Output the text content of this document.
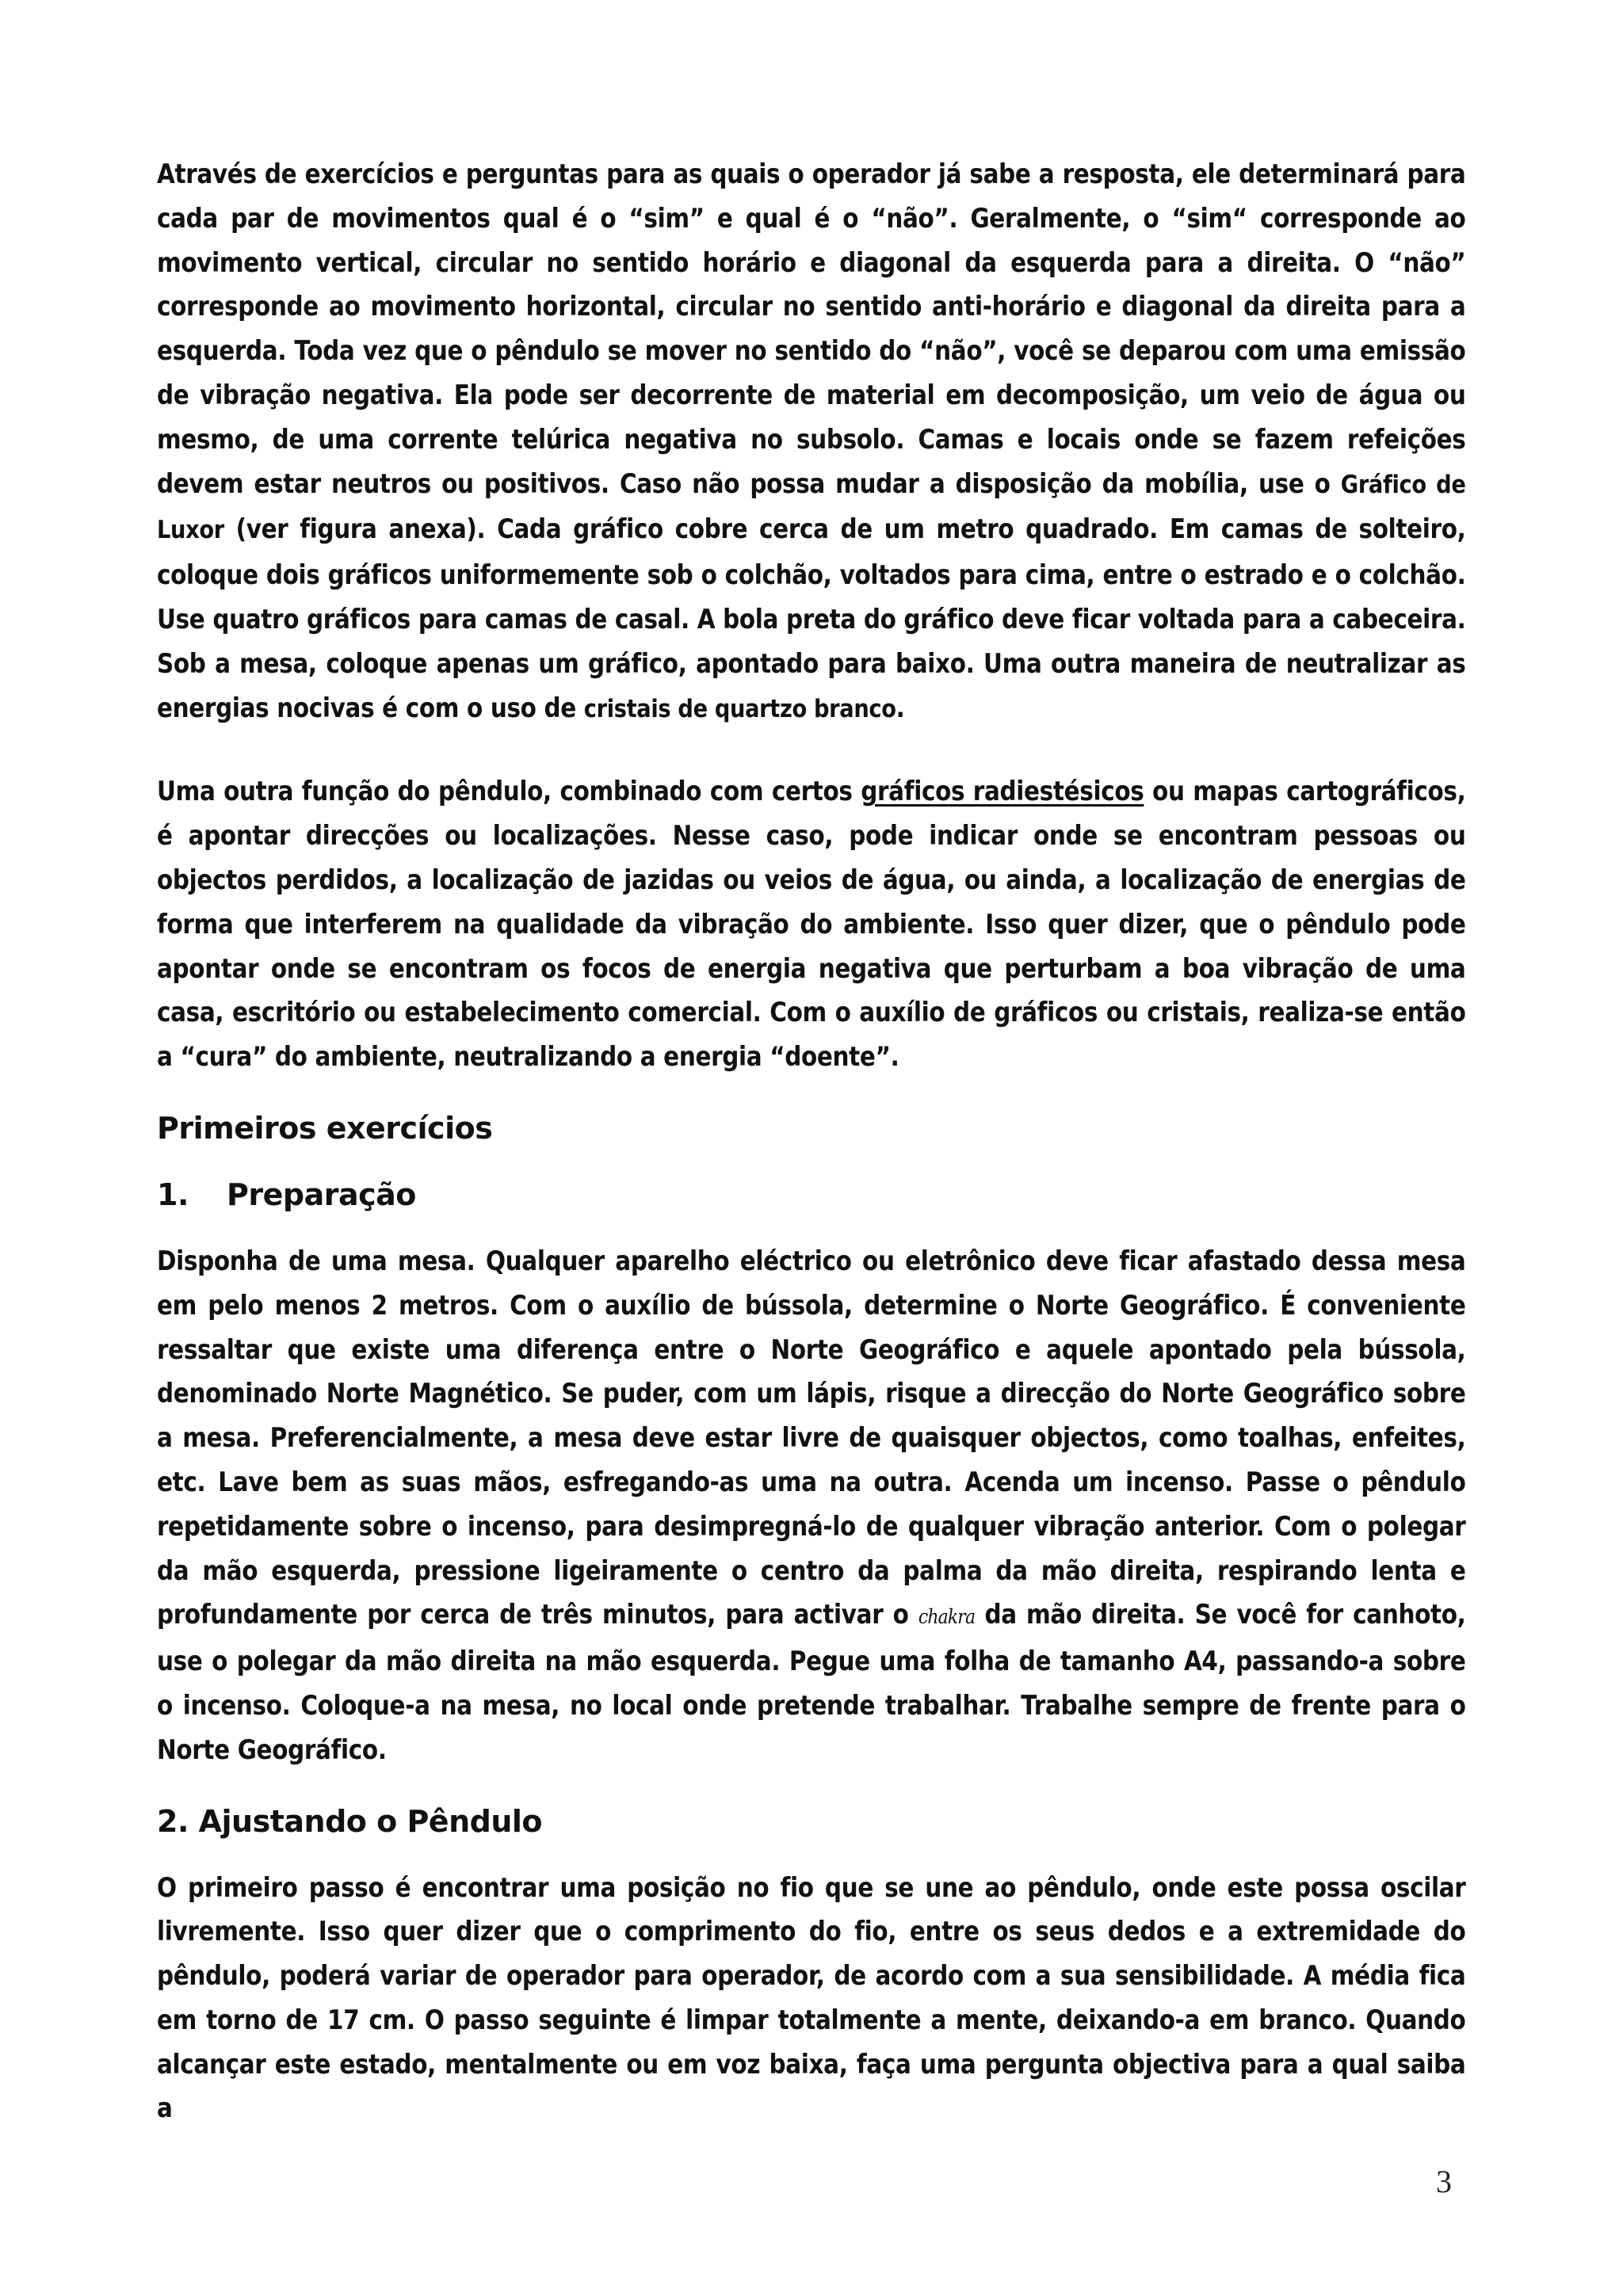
Através de exercícios e perguntas para as quais o operador já sabe a resposta, ele determinará para cada par de movimentos qual é o “sim” e qual é o “não”. Geralmente, o “sim“ corresponde ao movimento vertical, circular no sentido horário e diagonal da esquerda para a direita. O “não” corresponde ao movimento horizontal, circular no sentido anti-horário e diagonal da direita para a esquerda. Toda vez que o pêndulo se mover no sentido do “não”, você se deparou com uma emissão de vibração negativa. Ela pode ser decorrente de material em decomposição, um veio de água ou mesmo, de uma corrente telúrica negativa no subsolo. Camas e locais onde se fazem refeições devem estar neutros ou positivos. Caso não possa mudar a disposição da mobília, use o Gráfico de Luxor (ver figura anexa). Cada gráfico cobre cerca de um metro quadrado. Em camas de solteiro, coloque dois gráficos uniformemente sob o colchão, voltados para cima, entre o estrado e o colchão. Use quatro gráficos para camas de casal. A bola preta do gráfico deve ficar voltada para a cabeceira. Sob a mesa, coloque apenas um gráfico, apontado para baixo. Uma outra maneira de neutralizar as energias nocivas é com o uso de cristais de quartzo branco.

Uma outra função do pêndulo, combinado com certos gráficos radiestésicos ou mapas cartográficos, é apontar direcções ou localizações. Nesse caso, pode indicar onde se encontram pessoas ou objectos perdidos, a localização de jazidas ou veios de água, ou ainda, a localização de energias de forma que interferem na qualidade da vibração do ambiente. Isso quer dizer, que o pêndulo pode apontar onde se encontram os focos de energia negativa que perturbam a boa vibração de uma casa, escritório ou estabelecimento comercial. Com o auxílio de gráficos ou cristais, realiza-se então a “cura” do ambiente, neutralizando a energia “doente”.

Primeiros exercícios
1. Preparação

Disponha de uma mesa. Qualquer aparelho eléctrico ou eletrônico deve ficar afastado dessa mesa em pelo menos 2 metros. Com o auxílio de bússola, determine o Norte Geográfico. É conveniente ressaltar que existe uma diferença entre o Norte Geográfico e aquele apontado pela bússola, denominado Norte Magnético. Se puder, com um lápis, risque a direcção do Norte Geográfico sobre a mesa. Preferencialmente, a mesa deve estar livre de quaisquer objectos, como toalhas, enfeites, etc. Lave bem as suas mãos, esfregando-as uma na outra. Acenda um incenso. Passe o pêndulo repetidamente sobre o incenso, para desimpregná-lo de qualquer vibração anterior. Com o polegar da mão esquerda, pressione ligeiramente o centro da palma da mão direita, respirando lenta e profundamente por cerca de três minutos, para activar o chakra da mão direita. Se você for canhoto, use o polegar da mão direita na mão esquerda. Pegue uma folha de tamanho A4, passando-a sobre o incenso. Coloque-a na mesa, no local onde pretende trabalhar. Trabalhe sempre de frente para o Norte Geográfico.

2. Ajustando o Pêndulo

O primeiro passo é encontrar uma posição no fio que se une ao pêndulo, onde este possa oscilar livremente. Isso quer dizer que o comprimento do fio, entre os seus dedos e a extremidade do pêndulo, poderá variar de operador para operador, de acordo com a sua sensibilidade. A média fica em torno de 17 cm. O passo seguinte é limpar totalmente a mente, deixando-a em branco. Quando alcançar este estado, mentalmente ou em voz baixa, faça uma pergunta objectiva para a qual saiba a

3
